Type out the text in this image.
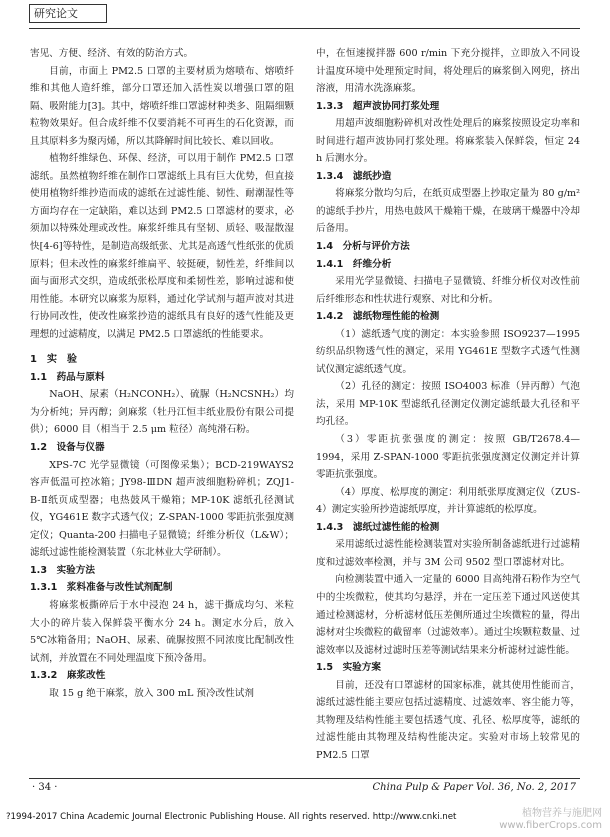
研究论文

害见、方便、经济、有效的防治方式。

目前，市面上 PM2.5 口罩的主要材质为熔喷布、熔喷纤维和其他人造纤维，部分口罩还加入活性炭以增强口罩的阻隔、吸附能力[3]。其中，熔喷纤维口罩滤材种类多、阻隔细颗粒物效果好。但合成纤维不仅要消耗不可再生的石化资源，而且其原料多为聚丙烯，所以其降解时间比较长、难以回收。

植物纤维绿色、环保、经济，可以用于制作 PM2.5 口罩滤纸。虽然植物纤维在制作口罩滤纸上具有巨大优势，但直接使用植物纤维抄造而成的滤纸在过滤性能、韧性、耐潮湿性等方面均存在一定缺陷，难以达到 PM2.5 口罩滤材的要求，必须加以特殊处理或改性。麻浆纤维具有坚韧、质轻、吸湿散湿快[4-6]等特性，是制造高级纸张、尤其是高透气性纸张的优质原料；但未改性的麻浆纤维扁平、较挺硬，韧性差，纤维间以面与面形式交织，造成纸张松厚度和柔韧性差，影响过滤和使用性能。本研究以麻浆为原料，通过化学试剂与超声波对其进行协同改性，使改性麻浆抄造的滤纸具有良好的透气性能及更理想的过滤精度，以满足 PM2.5 口罩滤纸的性能要求。

1　实　验

1.1　药品与原料

NaOH、尿素（H₂NCONH₂）、硫脲（H₂NCSNH₂）均为分析纯；异丙醇；剑麻浆（牡丹江恒丰纸业股份有限公司提供）；6000 目（相当于 2.5 μm 粒径）高纯滑石粉。

1.2　设备与仪器

XPS-7C 光学显微镜（可图像采集）；BCD-219WAYS2 容声低温可控冰箱；JY98-ⅢDN 超声波细胞粉碎机；ZQJ1-B-Ⅱ纸页成型器；电热鼓风干燥箱；MP-10K 滤纸孔径测试仪，YG461E 数字式透气仪；Z-SPAN-1000 零距抗张强度测定仪；Quanta-200 扫描电子显微镜；纤维分析仪（L&W）；滤纸过滤性能检测装置（东北林业大学研制）。

1.3　实验方法

1.3.1　浆料准备与改性试剂配制

将麻浆板撕碎后于水中浸泡 24 h，滤干撕成均匀、米粒大小的碎片装入保鲜袋平衡水分 24 h。测定水分后，放入 5℃冰箱备用；NaOH、尿素、硫脲按照不同浓度比配制改性试剂，并放置在不同处理温度下预冷备用。

1.3.2　麻浆改性

取 15 g 绝干麻浆，放入 300 mL 预冷改性试剂

中，在恒速搅拌器 600 r/min 下充分搅拌，立即放入不同设计温度环境中处理预定时间，将处理后的麻浆倒入网兜，挤出溶液，用清水洗涤麻浆。

1.3.3　超声波协同打浆处理

用超声波细胞粉碎机对改性处理后的麻浆按照设定功率和时间进行超声波协同打浆处理。将麻浆装入保鲜袋，恒定 24 h 后测水分。

1.3.4　滤纸抄造

将麻浆分散均匀后，在纸页成型器上抄取定量为 80 g/m² 的滤纸手抄片，用热电鼓风干燥箱干燥，在玻璃干燥器中冷却后备用。

1.4　分析与评价方法

1.4.1　纤维分析

采用光学显微镜、扫描电子显微镜、纤维分析仪对改性前后纤维形态和性状进行观察、对比和分析。

1.4.2　滤纸物理性能的检测

（1）滤纸透气度的测定：本实验参照 ISO9237—1995 纺织品织物透气性的测定，采用 YG461E 型数字式透气性测试仪测定滤纸透气度。

（2）孔径的测定：按照 ISO4003 标准（异丙醇）气泡法，采用 MP-10K 型滤纸孔径测定仪测定滤纸最大孔径和平均孔径。

（3）零距抗张强度的测定：按照 GB/T2678.4—1994，采用 Z-SPAN-1000 零距抗张强度测定仪测定并计算零距抗张强度。

（4）厚度、松厚度的测定：利用纸张厚度测定仪（ZUS-4）测定实验所抄造滤纸厚度，并计算滤纸的松厚度。

1.4.3　滤纸过滤性能的检测

采用滤纸过滤性能检测装置对实验所制备滤纸进行过滤精度和过滤效率检测，并与 3M 公司 9502 型口罩滤材对比。

向检测装置中通入一定量的 6000 目高纯滑石粉作为空气中的尘埃微粒，使其均匀悬浮，并在一定压差下通过风送使其通过检测滤材，分析滤材低压差侧所通过尘埃微粒的量，得出滤材对尘埃微粒的截留率（过滤效率）。通过尘埃颗粒数量、过滤效率以及滤材过滤时压差等测试结果来分析滤材过滤性能。

1.5　实验方案

目前，还没有口罩滤材的国家标准，就其使用性能而言，滤纸过滤性能主要应包括过滤精度、过滤效率、容尘能力等，其物理及结构性能主要包括透气度、孔径、松厚度等，滤纸的过滤性能由其物理及结构性能决定。实验对市场上较常见的 PM2.5 口罩

· 34 ·	China Pulp & Paper Vol. 36, No. 2, 2017
?1994-2017 China Academic Journal Electronic Publishing House. All rights reserved. http://www.cnki.net	植物营养与施肥网
www.fiberCrops.com
